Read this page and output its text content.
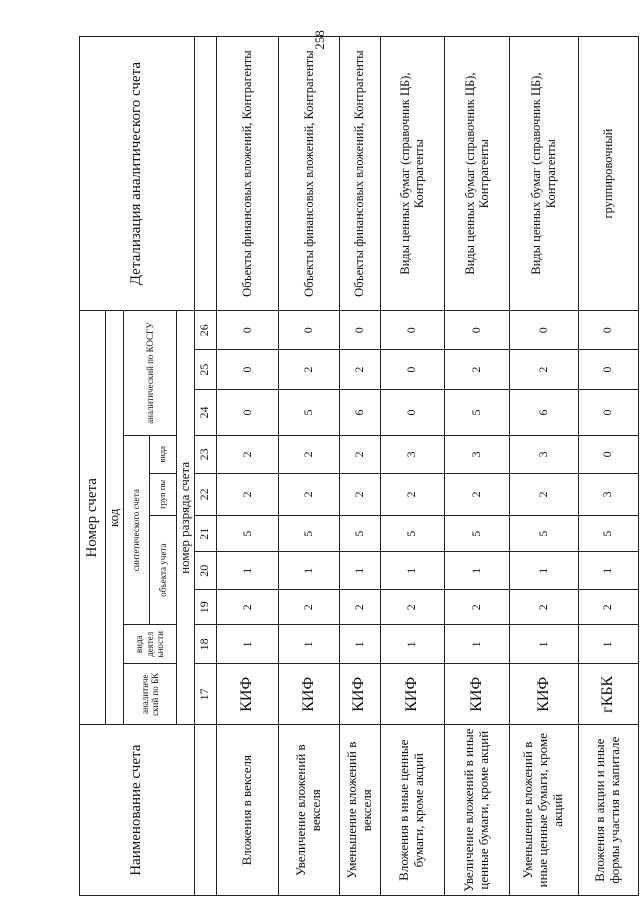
258
Наименование счета	Номер счета										Детализация аналитического счета
	код										
	аналитиче ский по БК	вида деятел ьности	синтетического счета					аналитический по КОСГУ			
			объекта учета			груп пы	вида				
	номер разряда счета										
	17	18	19	20	21	22	23	24	25	26	
Вложения в векселя	КИФ	1	2	1	5	2	2	0	0	0	Объекты финансовых вложений, Контрагенты
Увеличение вложений в векселя	КИФ	1	2	1	5	2	2	5	2	0	Объекты финансовых вложений, Контрагенты
Уменьшение вложений в векселя	КИФ	1	2	1	5	2	2	6	2	0	Объекты финансовых вложений, Контрагенты
Вложения в иные ценные бумаги, кроме акций	КИФ	1	2	1	5	2	3	0	0	0	Виды ценных бумаг (справочник ЦБ), Контрагенты
Увеличение вложений в иные ценные бумаги, кроме акций	КИФ	1	2	1	5	2	3	5	2	0	Виды ценных бумаг (справочник ЦБ), Контрагенты
Уменьшение вложений в иные ценные бумаги, кроме акций	КИФ	1	2	1	5	2	3	6	2	0	Виды ценных бумаг (справочник ЦБ), Контрагенты
Вложения в акции и иные формы участия в капитале	гКБК	1	2	1	5	3	0	0	0	0	группировочный
